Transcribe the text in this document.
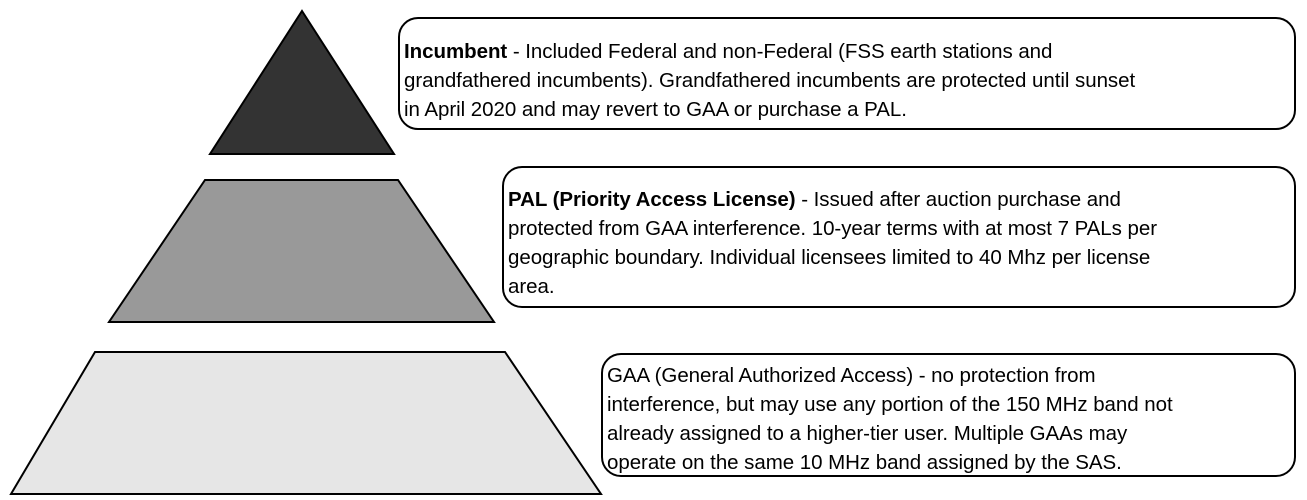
Incumbent - Included Federal and non-Federal (FSS earth stations and
grandfathered incumbents). Grandfathered incumbents are protected until sunset
in April 2020 and may revert to GAA or purchase a PAL.
PAL (Priority Access License) - Issued after auction purchase and
protected from GAA interference. 10-year terms with at most 7 PALs per
geographic boundary. Individual licensees limited to 40 Mhz per license
area.
GAA (General Authorized Access) - no protection from
interference, but may use any portion of the 150 MHz band not
already assigned to a higher-tier user. Multiple GAAs may
operate on the same 10 MHz band assigned by the SAS.
